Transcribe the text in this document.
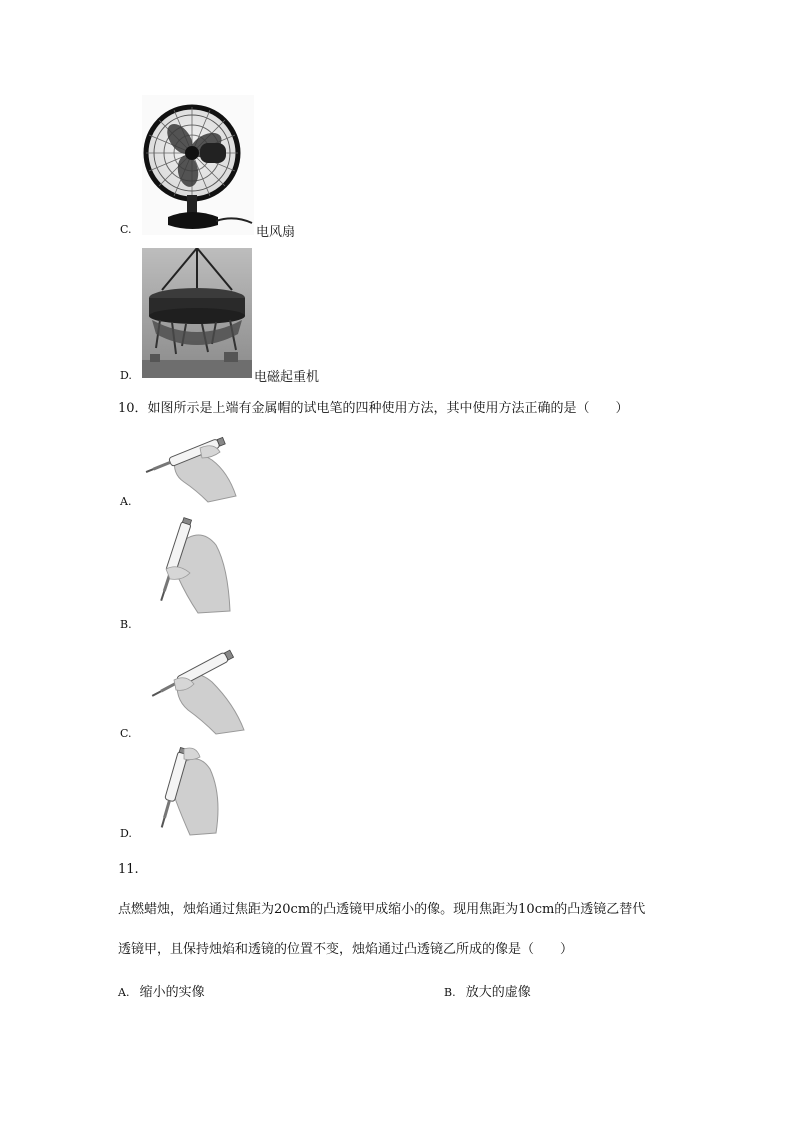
C.	电风扇
D.	电磁起重机
10．如图所示是上端有金属帽的试电笔的四种使用方法，其中使用方法正确的是（　　）
A.
B.
C.
D.
11.
点燃蜡烛，烛焰通过焦距为20cm的凸透镜甲成缩小的像。现用焦距为10cm的凸透镜乙替代
透镜甲，且保持烛焰和透镜的位置不变，烛焰通过凸透镜乙所成的像是（　　）
A. 缩小的实像	B. 放大的虚像
